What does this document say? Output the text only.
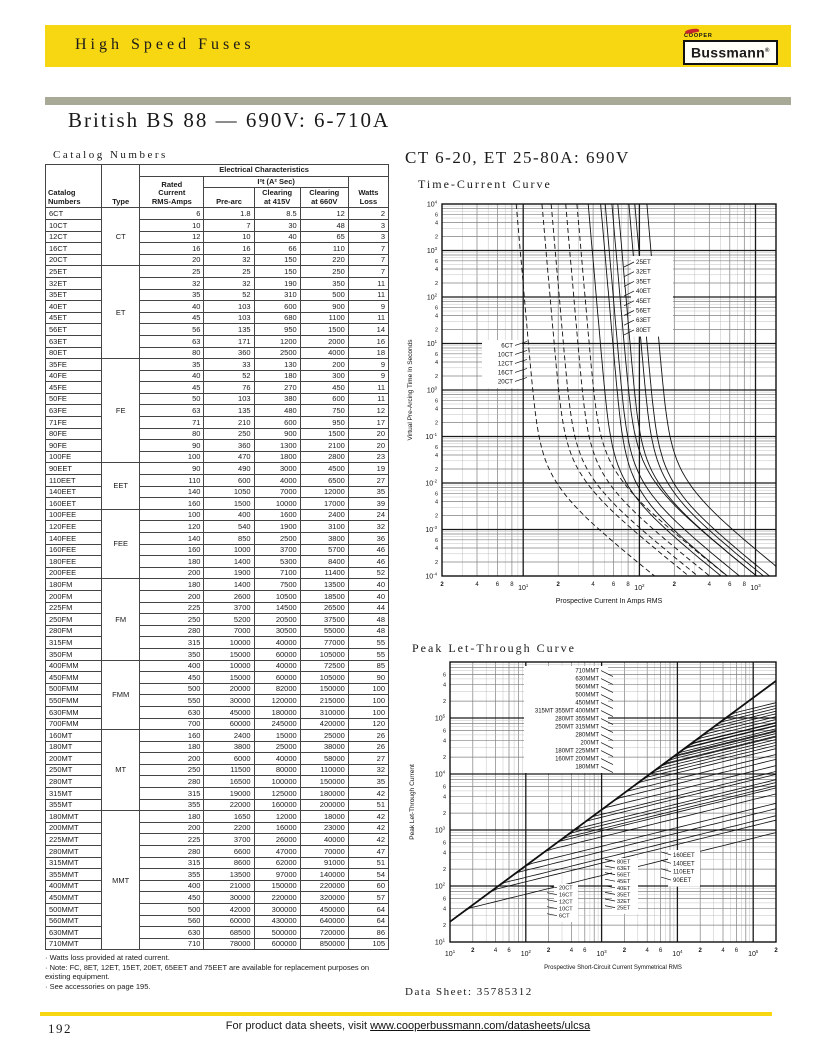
High Speed Fuses	COOPER
Bussmann®
British BS 88 — 690V: 6-710A
Catalog Numbers
Catalog
Numbers	Type	Electrical Characteristics				
		Rated
Current
RMS-Amps	I²t (A² Sec)			Watts
Loss
			Pre-arc	Clearing
at 415V	Clearing
at 660V	
6CT	CT	6	1.8	8.5	12	2
10CT		10	7	30	48	3
12CT		12	10	40	65	3
16CT		16	16	66	110	7
20CT		20	32	150	220	7
25ET	ET	25	25	150	250	7
32ET		32	32	190	350	11
35ET		35	52	310	500	11
40ET		40	103	600	900	9
45ET		45	103	680	1100	11
56ET		56	135	950	1500	14
63ET		63	171	1200	2000	16
80ET		80	360	2500	4000	18
35FE	FE	35	33	130	200	9
40FE		40	52	180	300	9
45FE		45	76	270	450	11
50FE		50	103	380	600	11
63FE		63	135	480	750	12
71FE		71	210	600	950	17
80FE		80	250	900	1500	20
90FE		90	360	1300	2100	20
100FE		100	470	1800	2800	23
90EET	EET	90	490	3000	4500	19
110EET		110	600	4000	6500	27
140EET		140	1050	7000	12000	35
160EET		160	1500	10000	17000	39
100FEE	FEE	100	400	1600	2400	24
120FEE		120	540	1900	3100	32
140FEE		140	850	2500	3800	36
160FEE		160	1000	3700	5700	46
180FEE		180	1400	5300	8400	46
200FEE		200	1900	7100	11400	52
180FM	FM	180	1400	7500	13500	40
200FM		200	2600	10500	18500	40
225FM		225	3700	14500	26500	44
250FM		250	5200	20500	37500	48
280FM		280	7000	30500	55000	48
315FM		315	10000	40000	77000	55
350FM		350	15000	60000	105000	55
400FMM	FMM	400	10000	40000	72500	85
450FMM		450	15000	60000	105000	90
500FMM		500	20000	82000	150000	100
550FMM		550	30000	120000	215000	100
630FMM		630	45000	180000	310000	100
700FMM		700	60000	245000	420000	120
160MT	MT	160	2400	15000	25000	26
180MT		180	3800	25000	38000	26
200MT		200	6000	40000	58000	27
250MT		250	11500	80000	110000	32
280MT		280	16500	100000	150000	35
315MT		315	19000	125000	180000	42
355MT		355	22000	160000	200000	51
180MMT	MMT	180	1650	12000	18000	42
200MMT		200	2200	16000	23000	42
225MMT		225	3700	26000	40000	42
280MMT		280	6600	47000	70000	47
315MMT		315	8600	62000	91000	51
355MMT		355	13500	97000	140000	54
400MMT		400	21000	150000	220000	60
450MMT		450	30000	220000	320000	57
500MMT		500	42000	300000	450000	64
560MMT		560	60000	430000	640000	64
630MMT		630	68500	500000	720000	86
710MMT		710	78000	600000	850000	105
· Watts loss provided at rated current.
· Note: FC, 8ET, 12ET, 15ET, 20ET, 65EET and 75EET are available for replacement purposes on existing equipment.
· See accessories on page 195.
CT 6-20, ET 25-80A: 690V
Time-Current Curve
6CT
10CT
12CT
16CT
20CT
25ET
32ET
35ET
40ET
45ET
56ET
63ET
80ET
2	4	6 8 $10^1$	2	4	6 8 $10^2$	2	4	6 8 $10^3$
$10^{-4}$
2
4
6
$10^{-3}$
2
4
6
$10^{-2}$
2
4
6
$10^{-1}$
2
4
6
$10^0$
2
4
6
$10^1$
2
4
6
$10^2$
2
4
6
$10^3$
2
4
6
$10^4$
Prospective Current In Amps RMS
Virtual Pre-Arcing Time In Seconds
Peak Let-Through Curve
710MMT
630MMT
560MMT
500MMT
450MMT
315MT 355MT 400MMT
280MT 355MMT
250MT 315MMT
280MMT
200MT
180MT 225MMT
160MT 200MMT
180MMT
160EET
140EET
110EET
90EET
80ET
63ET
56ET
45ET
40ET
35ET
32ET
25ET
20CT
16CT
12CT
10CT
6CT
$10^1$	2	4 6 $10^2$	2	4 6 $10^3$	2	4 6 $10^4$	2	4 6 $10^5$	2
$10^1$
2
4
6
$10^2$
2
4
6
$10^3$
2
4
6
$10^4$
2
4
6
$10^5$
2
4
6
Prospective Short-Circuit Current Symmetrical RMS
Peak Let-Through Current
Data Sheet: 35785312
192	For product data sheets, visit www.cooperbussmann.com/datasheets/ulcsa
